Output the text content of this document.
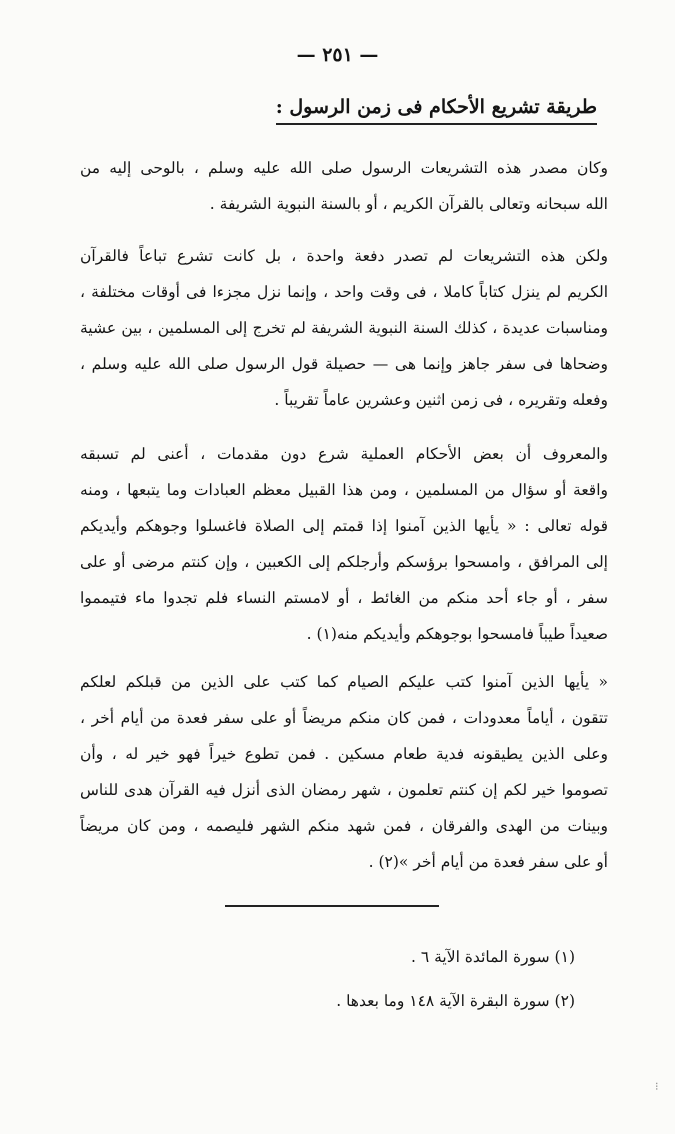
— ٢٥١ —
طريقة تشريع الأحكام فى زمن الرسول :
وكان مصدر هذه التشريعات الرسول صلى الله عليه وسلم ، بالوحى إليه من
الله سبحانه وتعالى بالقرآن الكريم ، أو بالسنة النبوية الشريفة .
ولكن هذه التشريعات لم تصدر دفعة واحدة ، بل كانت تشرع تباعاً فالقرآن
الكريم لم ينزل كتاباً كاملا ، فى وقت واحد ، وإنما نزل مجزءا فى أوقات مختلفة ،
ومناسبات عديدة ، كذلك السنة النبوية الشريفة لم تخرج إلى المسلمين ، بين عشية
وضحاها فى سفر جاهز وإنما هى — حصيلة قول الرسول صلى الله عليه وسلم ،
وفعله وتقريره ، فى زمن اثنين وعشرين عاماً تقريباً .
والمعروف أن بعض الأحكام العملية شرع دون مقدمات ، أعنى لم تسبقه
واقعة أو سؤال من المسلمين ، ومن هذا القبيل معظم العبادات وما يتبعها ، ومنه
قوله تعالى : « يأيها الذين آمنوا إذا قمتم إلى الصلاة فاغسلوا وجوهكم وأيديكم
إلى المرافق ، وامسحوا برؤسكم وأرجلكم إلى الكعبين ، وإن كنتم مرضى أو على
سفر ، أو جاء أحد منكم من الغائط ، أو لامستم النساء فلم تجدوا ماء فتيمموا
صعيداً طيباً فامسحوا بوجوهكم وأيديكم منه(١) .
« يأيها الذين آمنوا كتب عليكم الصيام كما كتب على الذين من قبلكم لعلكم
تتقون ، أياماً معدودات ، فمن كان منكم مريضاً أو على سفر فعدة من أيام أخر ،
وعلى الذين يطيقونه فدية طعام مسكين . فمن تطوع خيراً فهو خير له ، وأن
تصوموا خير لكم إن كنتم تعلمون ، شهر رمضان الذى أنزل فيه القرآن هدى للناس
وبينات من الهدى والفرقان ، فمن شهد منكم الشهر فليصمه ، ومن كان مريضاً
أو على سفر فعدة من أيام أخر »(٢) .
(١) سورة المائدة الآية ٦ .
(٢) سورة البقرة الآية ١٤٨ وما بعدها .
⁝
